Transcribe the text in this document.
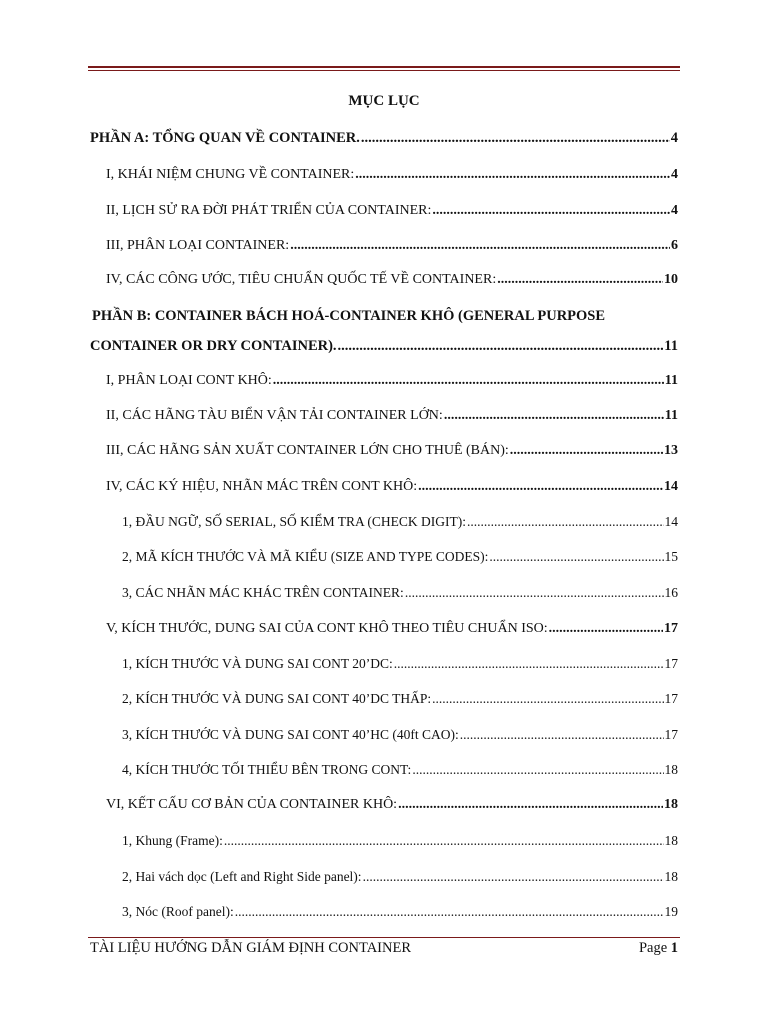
MỤC LỤC
PHẦN A: TỔNG QUAN VỀ CONTAINER. .....	4
I, KHÁI NIỆM CHUNG VỀ CONTAINER: .....	4
II, LỊCH SỬ RA ĐỜI PHÁT TRIỂN CỦA CONTAINER: .....	4
III, PHÂN LOẠI CONTAINER: .....	6
IV, CÁC CÔNG ƯỚC, TIÊU CHUẨN QUỐC TẾ VỀ CONTAINER: .....	10
PHẦN B: CONTAINER BÁCH HOÁ-CONTAINER KHÔ (GENERAL PURPOSE
CONTAINER OR DRY CONTAINER). .....	11
I, PHÂN LOẠI CONT KHÔ: .....	11
II, CÁC HÃNG TÀU BIỂN VẬN TẢI CONTAINER LỚN: .....	11
III, CÁC HÃNG SẢN XUẤT CONTAINER LỚN CHO THUÊ (BÁN): .....	13
IV, CÁC KÝ HIỆU, NHÃN MÁC TRÊN CONT KHÔ: .....	14
1, ĐẦU NGỮ, SỐ SERIAL, SỐ KIỂM TRA (CHECK DIGIT): .....	14
2, MÃ KÍCH THƯỚC VÀ MÃ KIỂU (SIZE AND TYPE CODES): .....	15
3, CÁC NHÃN MÁC KHÁC TRÊN CONTAINER: .....	16
V, KÍCH THƯỚC, DUNG SAI CỦA CONT KHÔ THEO TIÊU CHUẨN ISO: .....	17
1, KÍCH THƯỚC VÀ DUNG SAI CONT 20’DC: .....	17
2, KÍCH THƯỚC VÀ DUNG SAI CONT 40’DC THẤP: .....	17
3, KÍCH THƯỚC VÀ DUNG SAI CONT 40’HC (40ft CAO): .....	17
4, KÍCH THƯỚC TỐI THIỂU BÊN TRONG CONT: .....	18
VI, KẾT CẤU CƠ BẢN CỦA CONTAINER KHÔ: .....	18
1, Khung (Frame): .....	18
2, Hai vách dọc (Left and Right Side panel): .....	18
3, Nóc (Roof panel): .....	19
TÀI LIỆU HƯỚNG DẪN GIÁM ĐỊNH CONTAINER	Page 1
